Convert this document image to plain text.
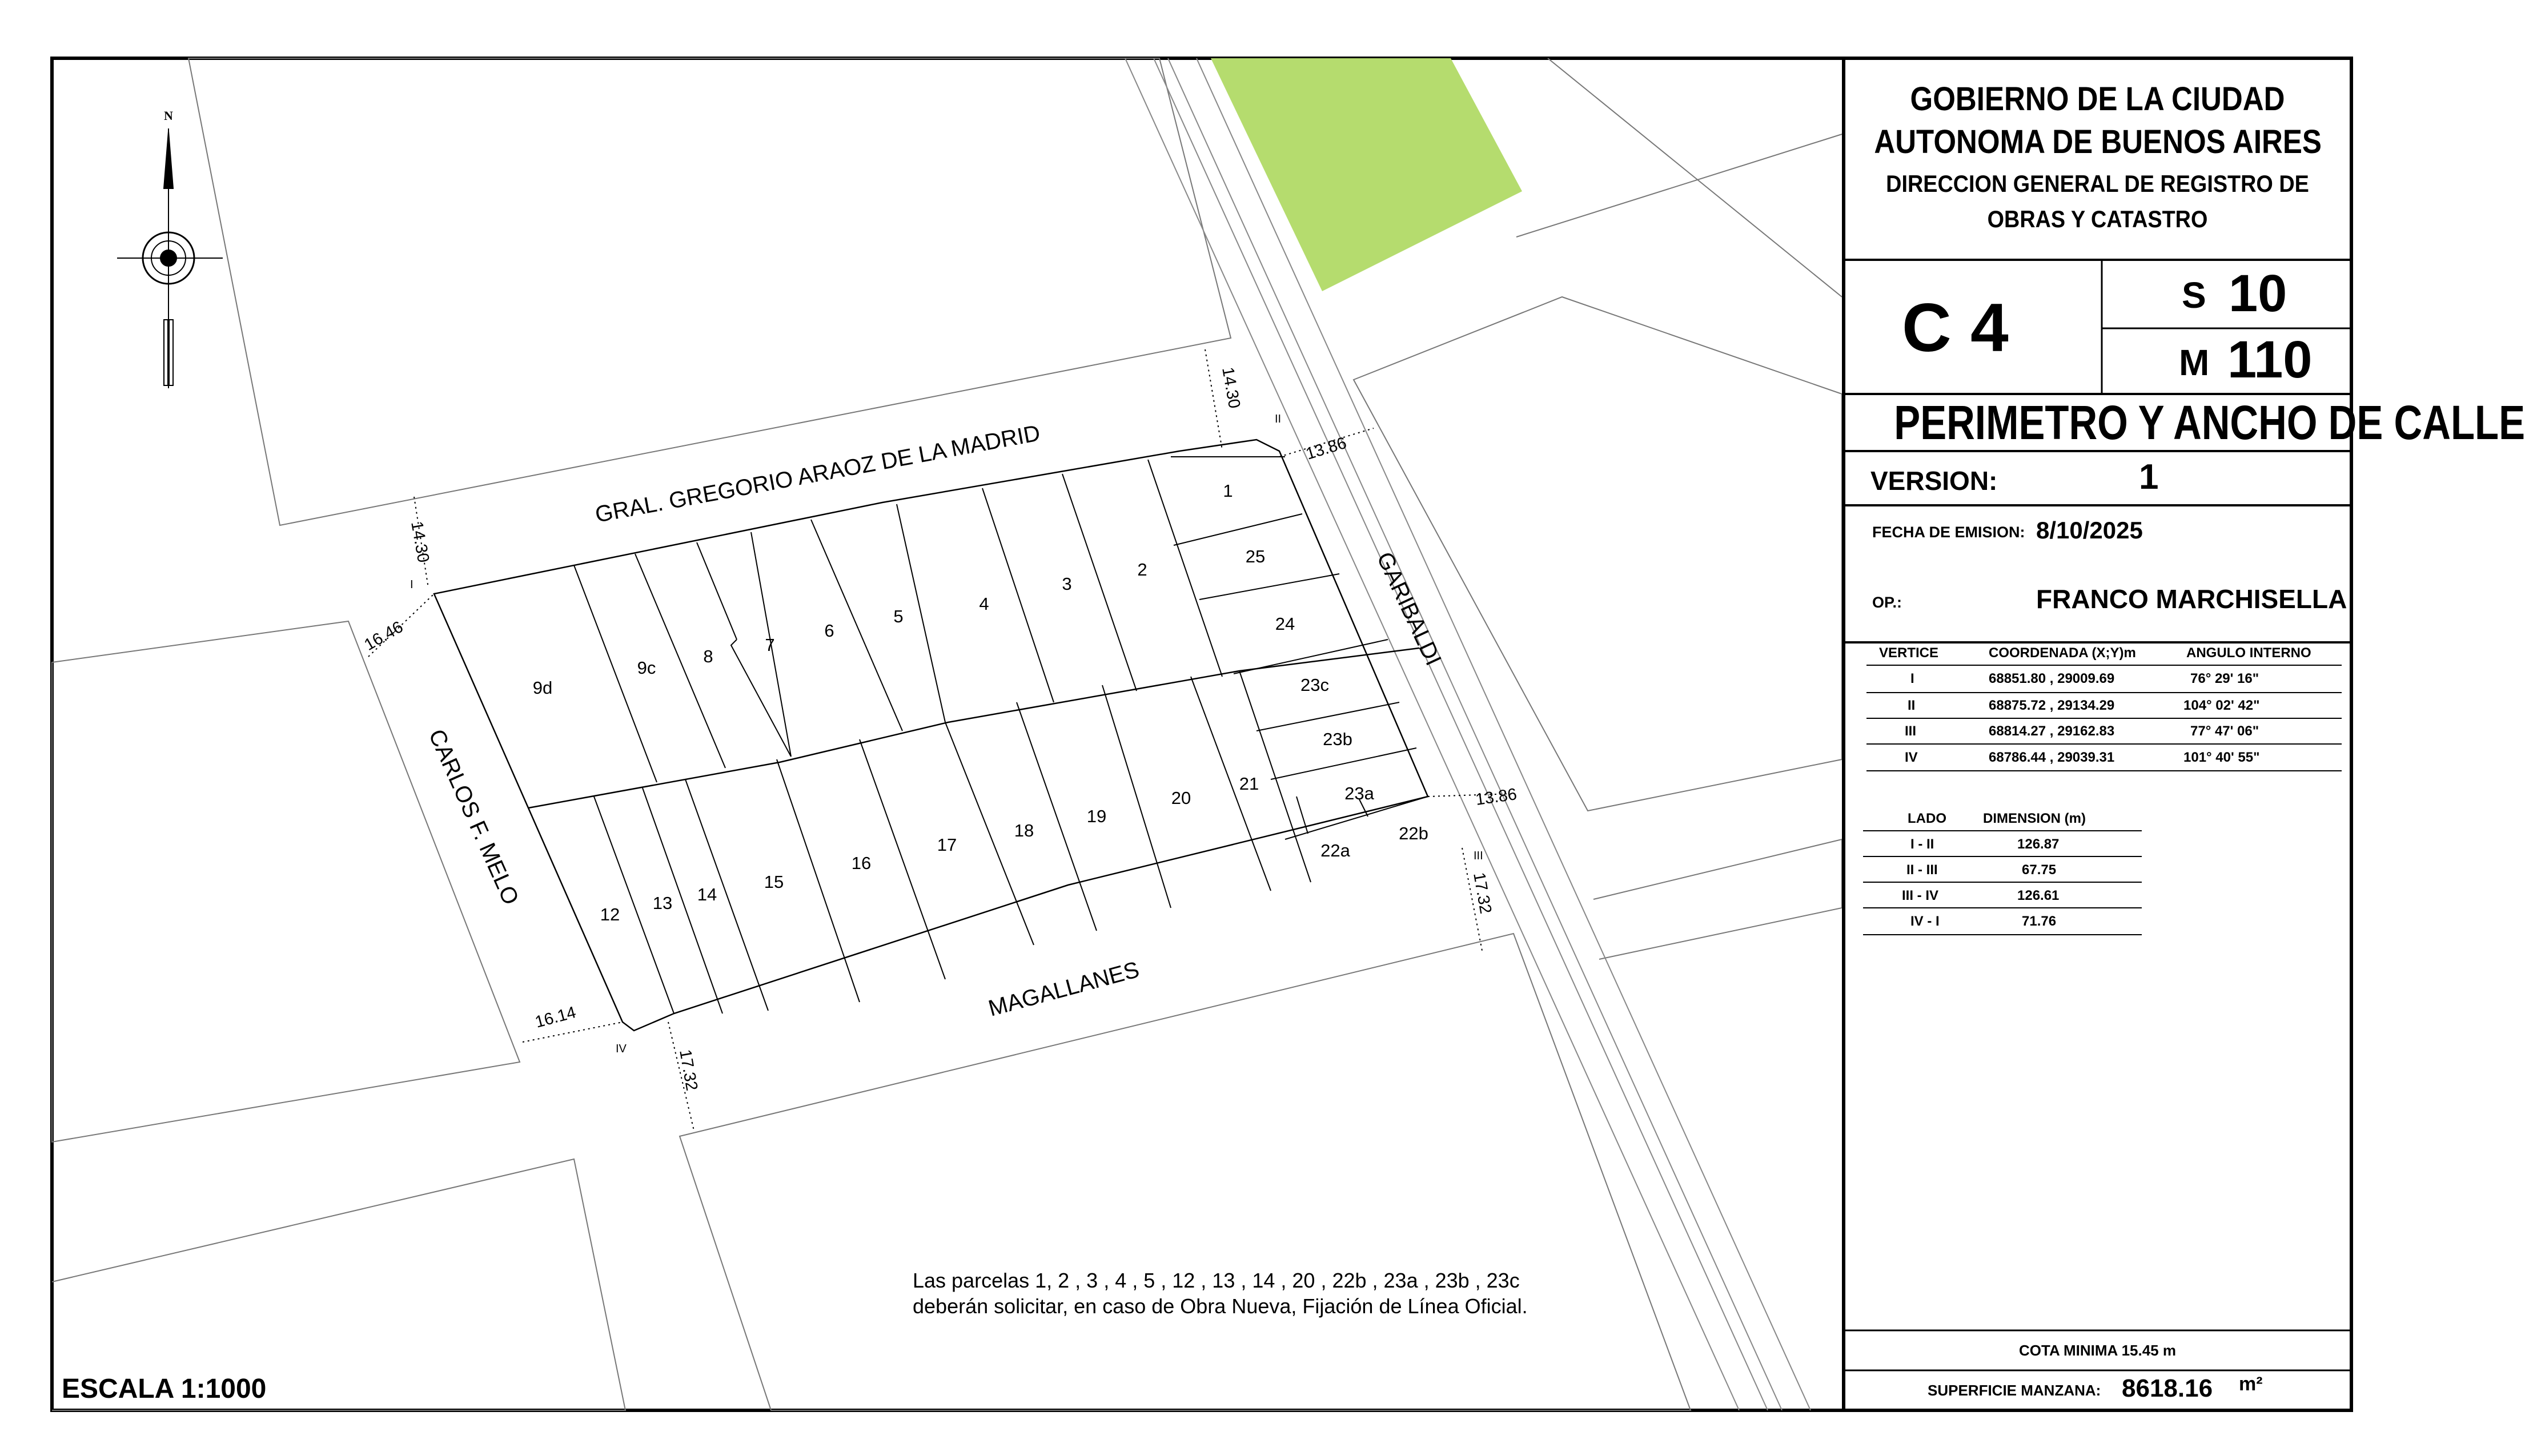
GRAL. GREGORIO ARAOZ DE LA MADRID
GARIBALDI
MAGALLANES
CARLOS F. MELO
14.30
14.30
13.86
13.86
17.32
17.32
16.46
16.14
I
II
III
IV
9d
9c
8
7
6
5
4
3
2
1
25
24
23c
23b
23a
22a
22b
21
20
19
18
17
16
15
14
13
12
N
Las parcelas 1, 2 , 3 , 4 , 5 , 12 , 13 , 14 , 20 , 22b , 23a , 23b , 23c
deberán solicitar, en caso de Obra Nueva, Fijación de Línea Oficial.
ESCALA 1:1000
GOBIERNO DE LA CIUDAD
AUTONOMA DE BUENOS AIRES
DIRECCION GENERAL DE REGISTRO DE
OBRAS Y CATASTRO
C 4	S 10
M 110
PERIMETRO Y ANCHO DE CALLE
VERSION:	1
FECHA DE EMISION: 8/10/2025
OP.:	FRANCO MARCHISELLA
VERTICE	COORDENADA (X;Y)m	ANGULO INTERNO
I	68851.80 , 29009.69	76° 29' 16"
II	68875.72 , 29134.29	104° 02' 42"
III	68814.27 , 29162.83	77° 47' 06"
IV	68786.44 , 29039.31	101° 40' 55"
LADO	DIMENSION (m)
I - II	126.87
II - III	67.75
III - IV	126.61
IV - I	71.76
COTA MINIMA 15.45 m
SUPERFICIE MANZANA: 8618.16 m²
